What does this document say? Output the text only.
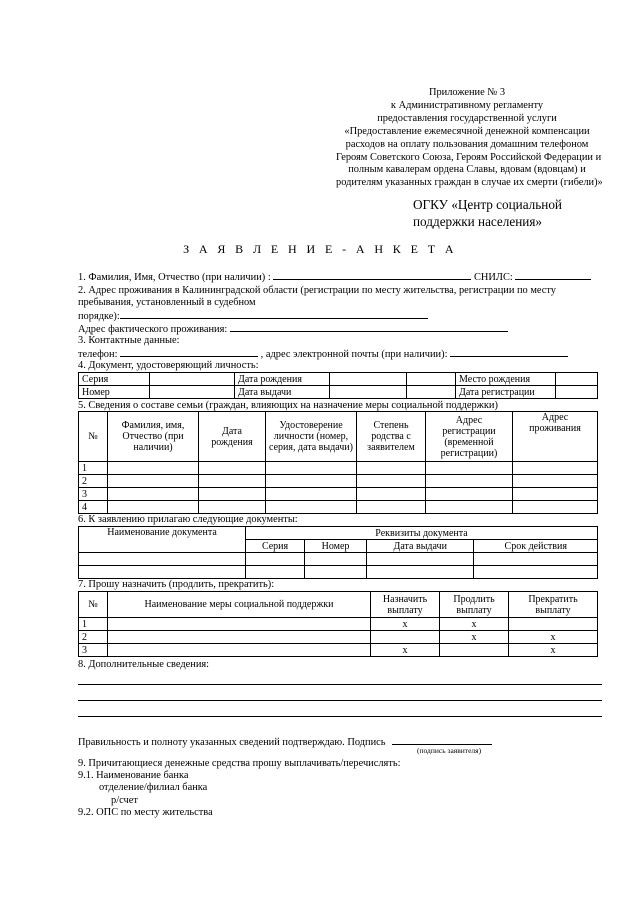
Приложение № 3
к Административному регламенту
предоставления государственной услуги
«Предоставление ежемесячной денежной компенсации
расходов на оплату пользования домашним телефоном
Героям Советского Союза, Героям Российской Федерации и
полным кавалерам ордена Славы, вдовам (вдовцам) и
родителям указанных граждан в случае их смерти (гибели)»
ОГКУ «Центр социальной
поддержки населения»
З А Я В Л Е Н И Е - А Н К Е Т А
1. Фамилия, Имя, Отчество (при наличии) :	СНИЛС:
2. Адрес проживания в Калининградской области (регистрации по месту жительства, регистрации по месту
пребывания, установленный в судебном
порядке):
Адрес фактического проживания:
3. Контактные данные:
телефон:	, адрес электронной почты (при наличии):
4. Документ, удостоверяющий личность:
Серия		Дата рождения			Место рождения	
Номер		Дата выдачи			Дата регистрации	
5. Сведения о составе семьи (граждан, влияющих на назначение меры социальной поддержки)
№	Фамилия, имя, Отчество (при наличии)	Дата рождения	Удостоверение личности (номер, серия, дата выдачи)	Степень родства с заявителем	Адрес регистрации (временной регистрации)	Адрес проживания
1						
2						
3						
4						
6. К заявлению прилагаю следующие документы:
Наименование документа	Реквизиты документа			
	Серия	Номер	Дата выдачи	Срок действия

7. Прошу назначить (продлить, прекратить):
№	Наименование меры социальной поддержки	Назначить выплату	Продлить выплату	Прекратить выплату
1		x	x	
2			x	x
3		x		x
8. Дополнительные сведения:
Правильность и полноту указанных сведений подтверждаю. Подпись
(подпись заявителя)
9. Причитающиеся денежные средства прошу выплачивать/перечислять:
9.1. Наименование банка
отделение/филиал банка
р/счет
9.2. ОПС по месту жительства
